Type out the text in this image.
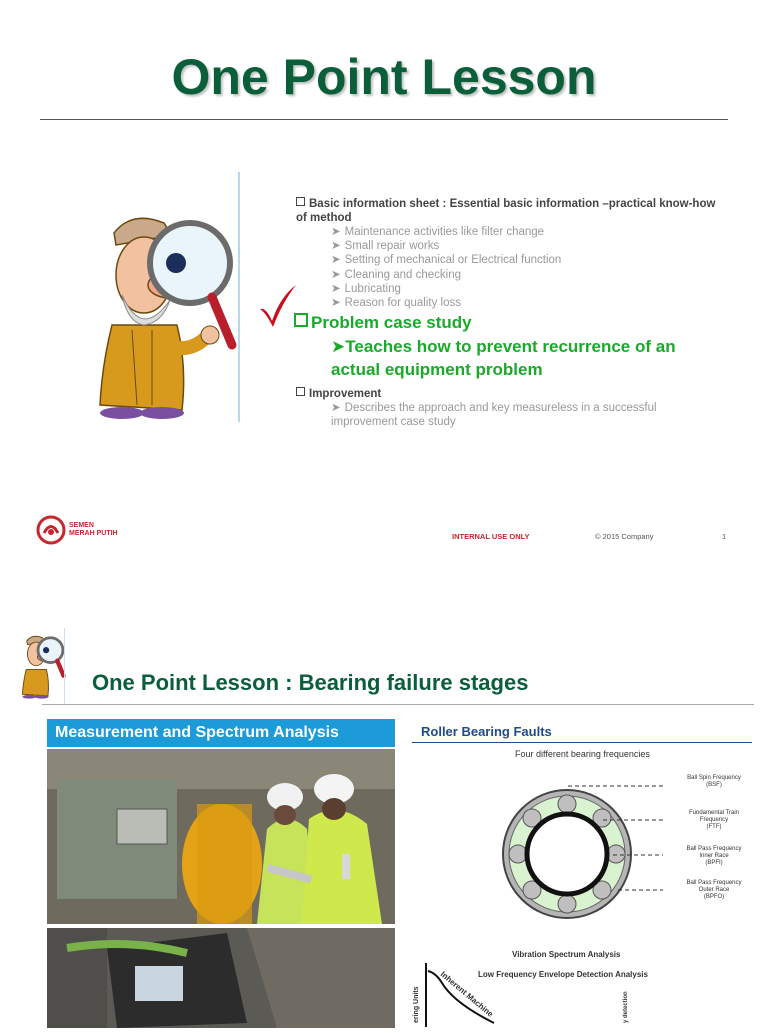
One Point Lesson
Basic information sheet : Essential basic information –practical know-how of method
➤ Maintenance activities like filter change
➤ Small repair works
➤ Setting of mechanical or Electrical function
➤ Cleaning and checking
➤ Lubricating
➤ Reason for quality loss
Problem case study
➤Teaches how to prevent recurrence of an actual equipment problem
Improvement
➤ Describes the approach and key measureless in a successful improvement case study
SEMEN
MERAH PUTIH	INTERNAL USE ONLY	© 2015 Company	1
One Point Lesson : Bearing failure stages
Measurement and Spectrum Analysis	Roller Bearing Faults
Four different bearing frequencies
Ball Spin Frequency
(BSF)
Fundamental Train
Frequency
(FTF)
Ball Pass Frequency
Inner Race
(BPFI)
Ball Pass Frequency
Outer Race
(BPFO)
Vibration Spectrum Analysis
Low Frequency Envelope Detection Analysis
ering Units Inherent Machine	y detection
